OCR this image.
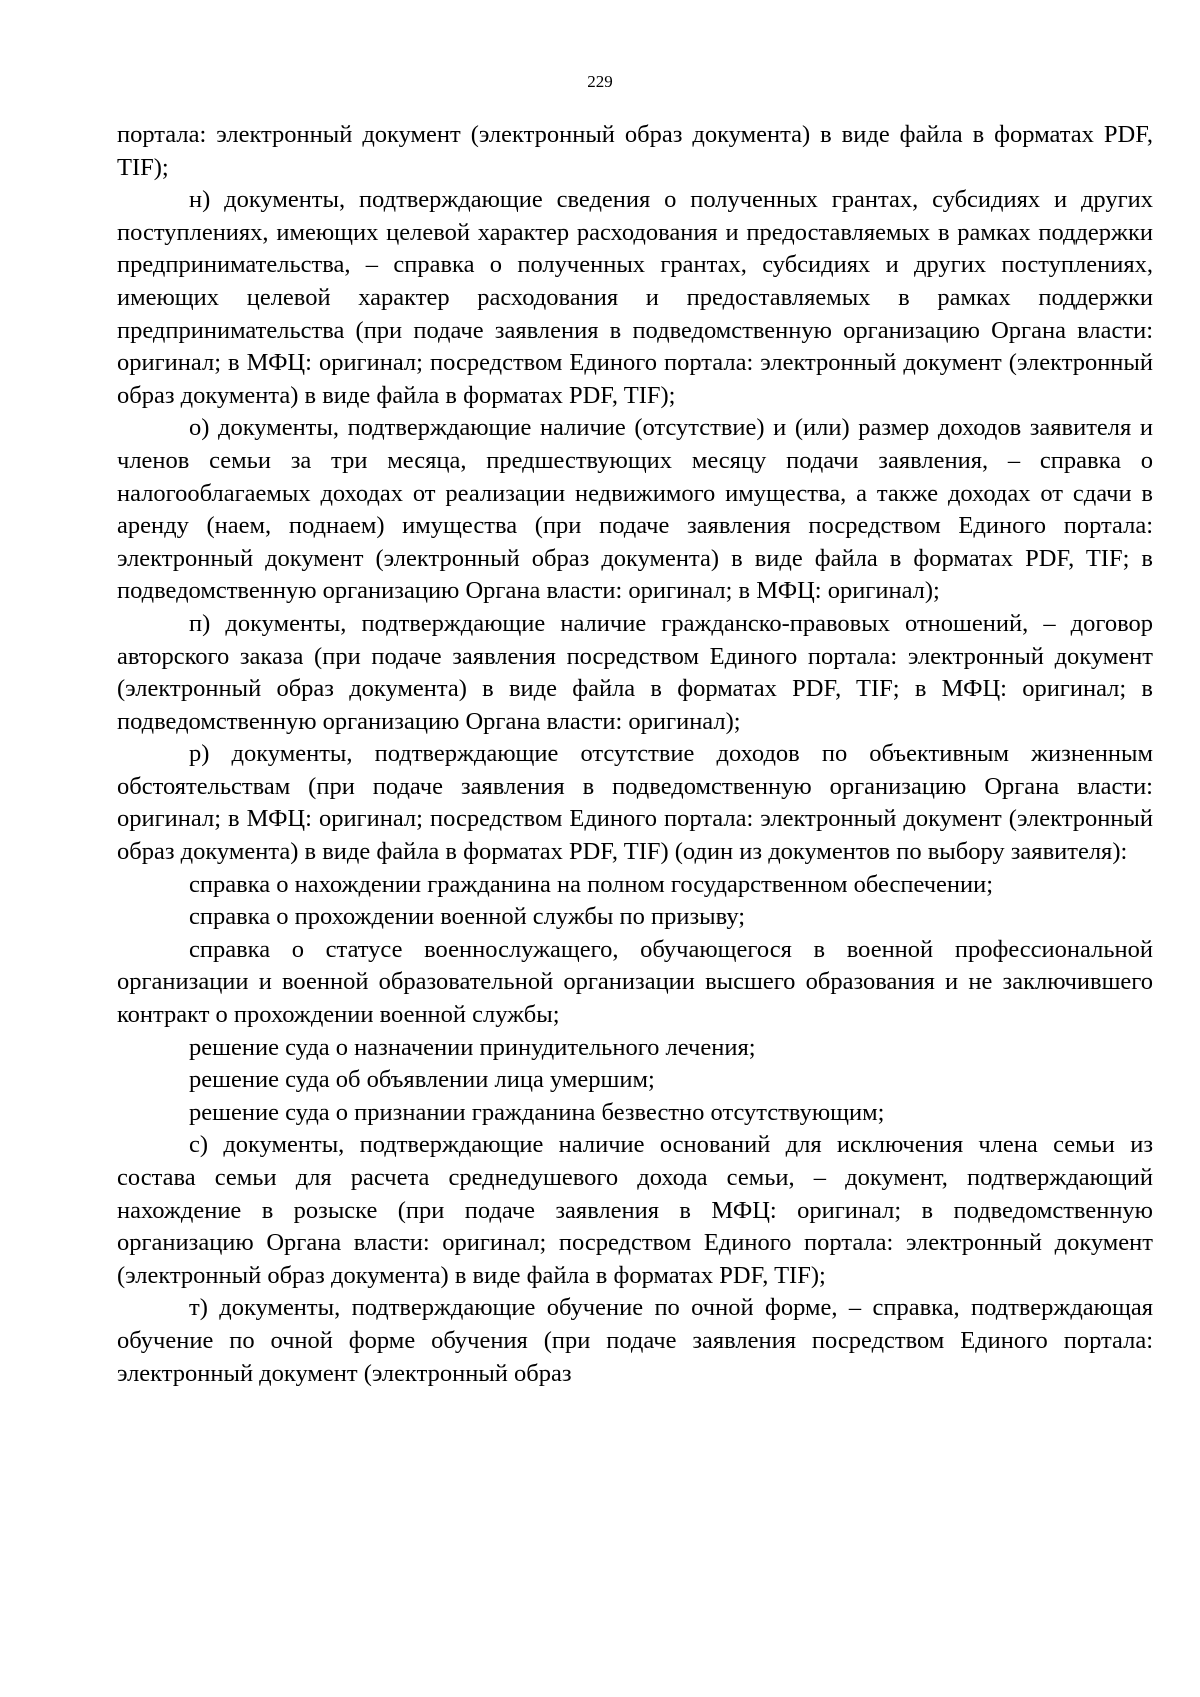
229

портала: электронный документ (электронный образ документа) в виде файла в форматах PDF, TIF);

н) документы, подтверждающие сведения о полученных грантах, субсидиях и других поступлениях, имеющих целевой характер расходования и предоставляемых в рамках поддержки предпринимательства, – справка о полученных грантах, субсидиях и других поступлениях, имеющих целевой характер расходования и предоставляемых в рамках поддержки предпринимательства (при подаче заявления в подведомственную организацию Органа власти: оригинал; в МФЦ: оригинал; посредством Единого портала: электронный документ (электронный образ документа) в виде файла в форматах PDF, TIF);

о) документы, подтверждающие наличие (отсутствие) и (или) размер доходов заявителя и членов семьи за три месяца, предшествующих месяцу подачи заявления, – справка о налогооблагаемых доходах от реализации недвижимого имущества, а также доходах от сдачи в аренду (наем, поднаем) имущества (при подаче заявления посредством Единого портала: электронный документ (электронный образ документа) в виде файла в форматах PDF, TIF; в подведомственную организацию Органа власти: оригинал; в МФЦ: оригинал);

п) документы, подтверждающие наличие гражданско-правовых отношений, – договор авторского заказа (при подаче заявления посредством Единого портала: электронный документ (электронный образ документа) в виде файла в форматах PDF, TIF; в МФЦ: оригинал; в подведомственную организацию Органа власти: оригинал);

р) документы, подтверждающие отсутствие доходов по объективным жизненным обстоятельствам (при подаче заявления в подведомственную организацию Органа власти: оригинал; в МФЦ: оригинал; посредством Единого портала: электронный документ (электронный образ документа) в виде файла в форматах PDF, TIF) (один из документов по выбору заявителя):

справка о нахождении гражданина на полном государственном обеспечении;

справка о прохождении военной службы по призыву;

справка о статусе военнослужащего, обучающегося в военной профессиональной организации и военной образовательной организации высшего образования и не заключившего контракт о прохождении военной службы;

решение суда о назначении принудительного лечения;

решение суда об объявлении лица умершим;

решение суда о признании гражданина безвестно отсутствующим;

с) документы, подтверждающие наличие оснований для исключения члена семьи из состава семьи для расчета среднедушевого дохода семьи, – документ, подтверждающий нахождение в розыске (при подаче заявления в МФЦ: оригинал; в подведомственную организацию Органа власти: оригинал; посредством Единого портала: электронный документ (электронный образ документа) в виде файла в форматах PDF, TIF);

т) документы, подтверждающие обучение по очной форме, – справка, подтверждающая обучение по очной форме обучения (при подаче заявления посредством Единого портала: электронный документ (электронный образ
